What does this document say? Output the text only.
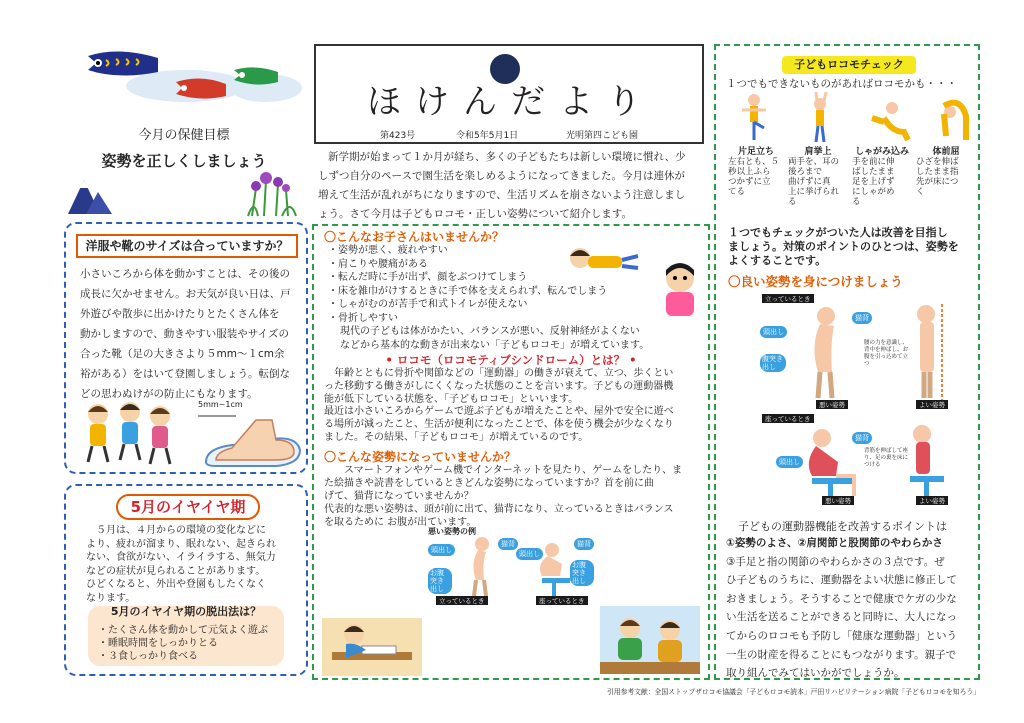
今月の保健目標
姿勢を正しくしましょう
洋服や靴のサイズは合っていますか？
小さいころから体を動かすことは、その後の
成長に欠かせません。お天気が良い日は、戸
外遊びや散歩に出かけたりとたくさん体を
動かしますので、動きやすい服装やサイズの
合った靴（足の大きさより５mm～１cm余
裕がある）をはいて登園しましょう。転倒な
どの思わぬけがの防止にもなります。
5mm~1cm
5月のイヤイヤ期
５月は、４月からの環境の変化などに
より、疲れが溜まり、眠れない、起きられ
ない、食欲がない、イライラする、無気力
などの症状が見られることがあります。
ひどくなると、外出や登園もしたくなく
なります。
5月のイヤイヤ期の脱出法は？
・たくさん体を動かして元気よく遊ぶ
・睡眠時間をしっかりとる
・３食しっかり食べる
ほけんだより
第423号	令和5年5月1日	光明第四こども園
新学期が始まって１か月が経ち、多くの子どもたちは新しい環境に慣れ、少
しずつ自分のペースで園生活を楽しめるようになってきました。今月は連休が
増えて生活が乱れがちになりますので、生活リズムを崩さないよう注意しまし
ょう。さて今月は子どもロコモ・正しい姿勢について紹介します。
〇こんなお子さんはいませんか？
・姿勢が悪く、疲れやすい
・肩こりや腰痛がある
・転んだ時に手が出ず、顔をぶつけてしまう
・床を雑巾がけするときに手で体を支えられず、転んでしまう
・しゃがむのが苦手で和式トイレが使えない
・骨折しやすい
現代の子どもは体がかたい、バランスが悪い、反射神経がよくない
などから基本的な動きが出来ない「子どもロコモ」が増えています。
• ロコモ（ロコモティブシンドローム）とは？ •
年齢とともに骨折や関節などの「運動器」の働きが衰えて、立つ、歩くとい
った移動する働きがしにくくなった状態のことを言います。子どもの運動器機
能が低下している状態を、「子どもロコモ」といいます。
最近は小さいころからゲームで遊ぶ子どもが増えたことや、屋外で安全に遊べ
る場所が減ったこと、生活が便利になったことで、体を使う機会が少なくなり
ました。その結果、「子どもロコモ」が増えているのです。
〇こんな姿勢になっていませんか？
スマートフォンやゲーム機でインターネットを見たり、ゲームをしたり、ま
た絵描きや読書をしているときどんな姿勢になっていますか？首を前に曲
げて、猫背になっていませんか？
代表的な悪い姿勢は、頭が前に出て、猫背になり、立っているときはバランス
を取るために お腹が出ています。
悪い姿勢の例
頭出し
猫背
お腹突き出し
頭出し
猫背
お腹突き出し
立っているとき	座っているとき
子どもロコモチェック
１つでもできないものがあればロコモかも・・・
片足立ち
左右とも、５
秒以上ふら
つかずに立
てる
肩挙上
両手を、耳の
後ろまで
曲げずに真
上に挙げられ
る
しゃがみ込み
手を前に伸
ばしたまま
足を上げず
にしゃがめ
る
体前屈
ひざを伸ば
したまま指
先が床につ
く
１つでもチェックがついた人は改善を目指し
ましょう。対策のポイントのひとつは、姿勢を
よくすることです。
〇良い姿勢を身につけましょう
立っているとき
頭出し
猫背
腹突き出し
腰の力を意識し、背中を伸ばし、お腹を引っ込めて立つ
悪い姿勢	よい姿勢
座っているとき
頭出し
猫背
背筋を伸ばして座り、足の裏を床につける
悪い姿勢	よい姿勢
子どもの運動器機能を改善するポイントは
①姿勢のよさ、②肩関節と股関節のやわらかさ
③手足と指の関節のやわらかさの３点です。ぜ
ひ子どものうちに、運動器をよい状態に修正して
おきましょう。そうすることで健康でケガの少な
い生活を送ることができると同時に、大人になっ
てからのロコモも予防し「健康な運動器」という
一生の財産を得ることにもつながります。親子で
取り組んでみてはいかがでしょうか。
引用参考文献：全国ストップザロコモ協議会「子どもロコモ読本」戸田リハビリテーション病院「子どもロコモを知ろう」
